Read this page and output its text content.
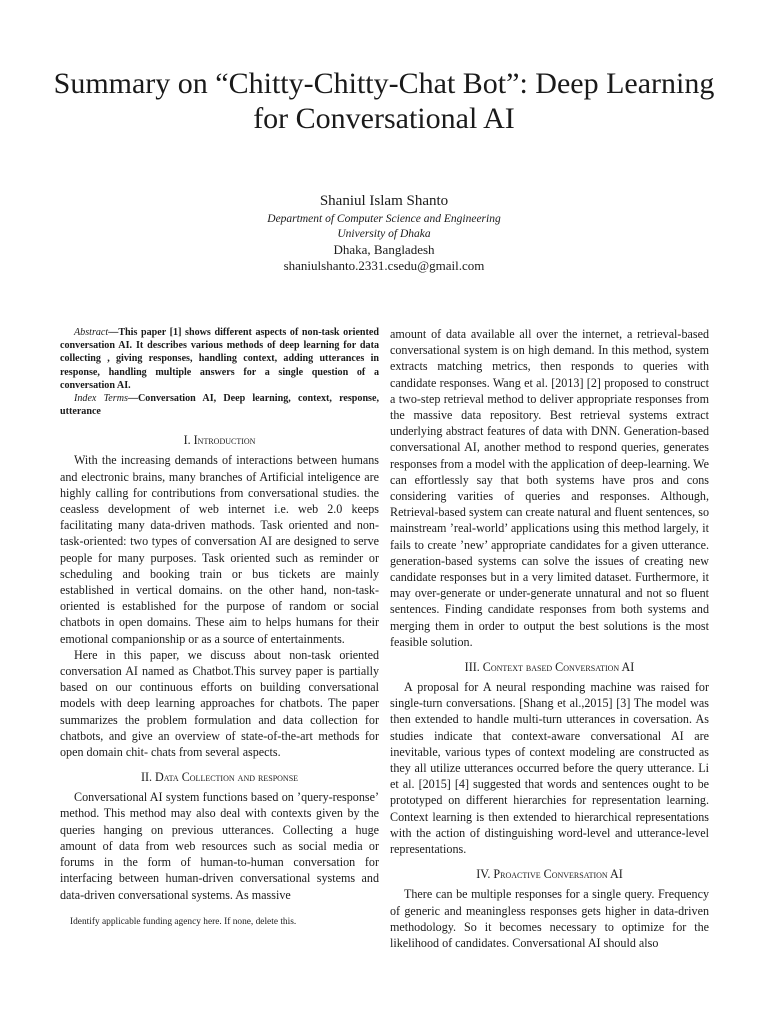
Summary on “Chitty-Chitty-Chat Bot”: Deep Learning for Conversational AI
Shaniul Islam Shanto
Department of Computer Science and Engineering
University of Dhaka
Dhaka, Bangladesh
shaniulshanto.2331.csedu@gmail.com

Abstract—This paper [1] shows different aspects of non-task oriented conversation AI. It describes various methods of deep learning for data collecting , giving responses, handling context, adding utterances in response, handling multiple answers for a single question of a conversation AI.

Index Terms—Conversation AI, Deep learning, context, response, utterance

I. Introduction

With the increasing demands of interactions between humans and electronic brains, many branches of Artificial inteligence are highly calling for contributions from conversational studies. the ceasless development of web internet i.e. web 2.0 keeps facilitating many data-driven mathods. Task oriented and non-task-oriented: two types of conversation AI are designed to serve people for many purposes. Task oriented such as reminder or scheduling and booking train or bus tickets are mainly established in vertical domains. on the other hand, non-task-oriented is established for the purpose of random or social chatbots in open domains. These aim to helps humans for their emotional companionship or as a source of entertainments.

Here in this paper, we discuss about non-task oriented conversation AI named as Chatbot.This survey paper is partially based on our continuous efforts on building conversational models with deep learning approaches for chatbots. The paper summarizes the problem formulation and data collection for chatbots, and give an overview of state-of-the-art methods for open domain chit- chats from several aspects.

II. Data Collection and response

Conversational AI system functions based on ’query-response’ method. This method may also deal with contexts given by the queries hanging on previous utterances. Collecting a huge amount of data from web resources such as social media or forums in the form of human-to-human conversation for interfacing between human-driven conversational systems and data-driven conversational systems. As massive

amount of data available all over the internet, a retrieval-based conversational system is on high demand. In this method, system extracts matching metrics, then responds to queries with candidate responses. Wang et al. [2013] [2] proposed to construct a two-step retrieval method to deliver appropriate responses from the massive data repository. Best retrieval systems extract underlying abstract features of data with DNN. Generation-based conversational AI, another method to respond queries, generates responses from a model with the application of deep-learning. We can effortlessly say that both systems have pros and cons considering varities of queries and responses. Although, Retrieval-based system can create natural and fluent sentences, so mainstream ’real-world’ applications using this method largely, it fails to create ’new’ appropriate candidates for a given utterance. generation-based systems can solve the issues of creating new candidate responses but in a very limited dataset. Furthermore, it may over-generate or under-generate unnatural and not so fluent sentences. Finding candidate responses from both systems and merging them in order to output the best solutions is the most feasible solution.

III. Context based Conversation AI

A proposal for A neural responding machine was raised for single-turn conversations. [Shang et al.,2015] [3] The model was then extended to handle multi-turn utterances in coversation. As studies indicate that context-aware conversational AI are inevitable, various types of context modeling are constructed as they all utilize utterances occurred before the query utterance. Li et al. [2015] [4] suggested that words and sentences ought to be prototyped on different hierarchies for representation learning. Context learning is then extended to hierarchical representations with the action of distinguishing word-level and utterance-level representations.

IV. Proactive Conversation AI

There can be multiple responses for a single query. Frequency of generic and meaningless responses gets higher in data-driven methodology. So it becomes necessary to optimize for the likelihood of candidates. Conversational AI should also

Identify applicable funding agency here. If none, delete this.
